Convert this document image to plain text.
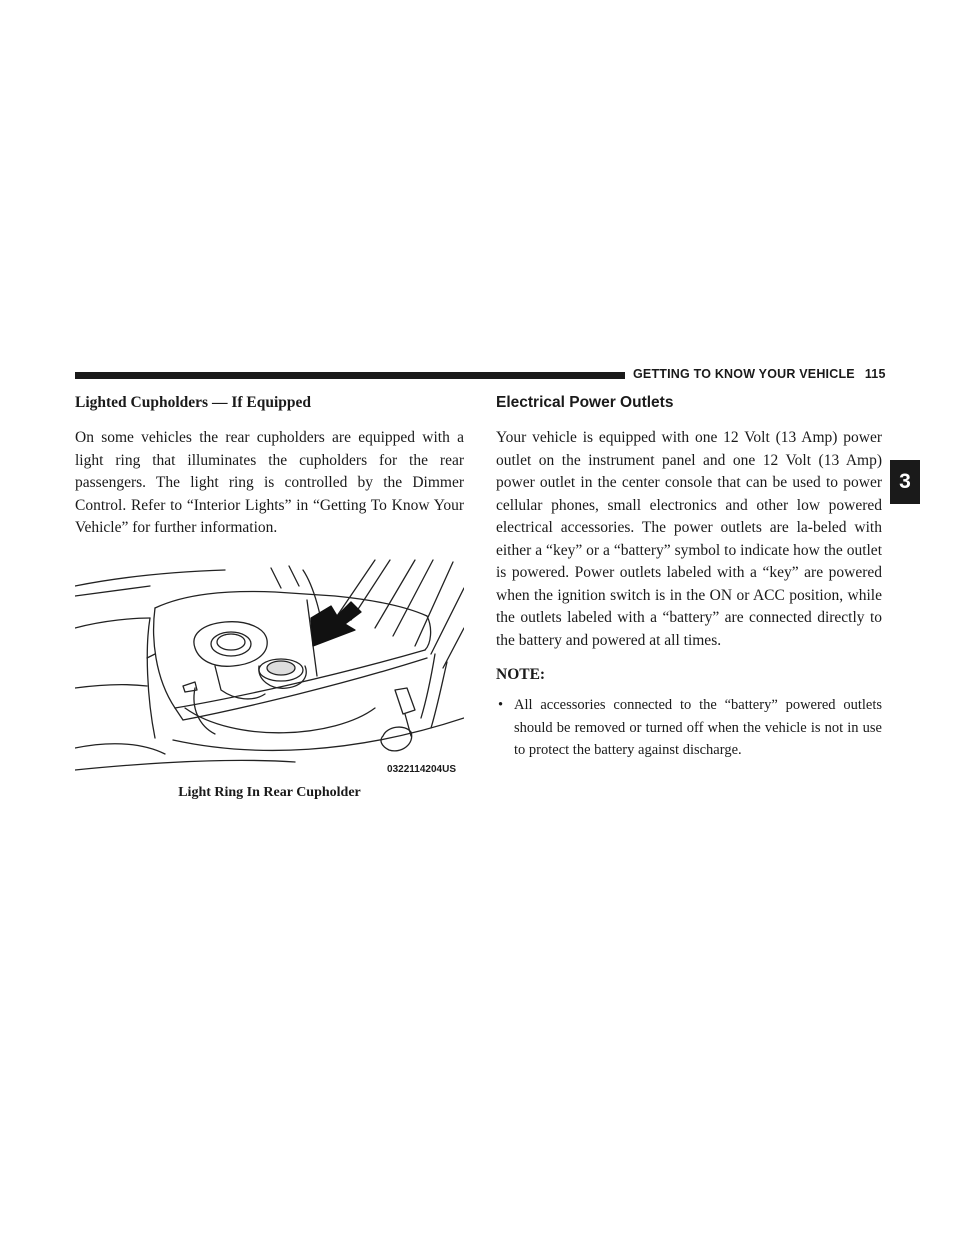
GETTING TO KNOW YOUR VEHICLE 115
3
Lighted Cupholders — If Equipped

On some vehicles the rear cupholders are equipped with a light ring that illuminates the cupholders for the rear passengers. The light ring is controlled by the Dimmer Control. Refer to “Interior Lights” in “Getting To Know Your Vehicle” for further information.

0322114204US
Light Ring In Rear Cupholder
Electrical Power Outlets

Your vehicle is equipped with one 12 Volt (13 Amp) power outlet on the instrument panel and one 12 Volt (13 Amp) power outlet in the center console that can be used to power cellular phones, small electronics and other low powered electrical accessories. The power outlets are la-beled with either a “key” or a “battery” symbol to indicate how the outlet is powered. Power outlets labeled with a “key” are powered when the ignition switch is in the ON or ACC position, while the outlets labeled with a “battery” are connected directly to the battery and powered at all times.

NOTE:
• All accessories connected to the “battery” powered outlets should be removed or turned off when the vehicle is not in use to protect the battery against discharge.
